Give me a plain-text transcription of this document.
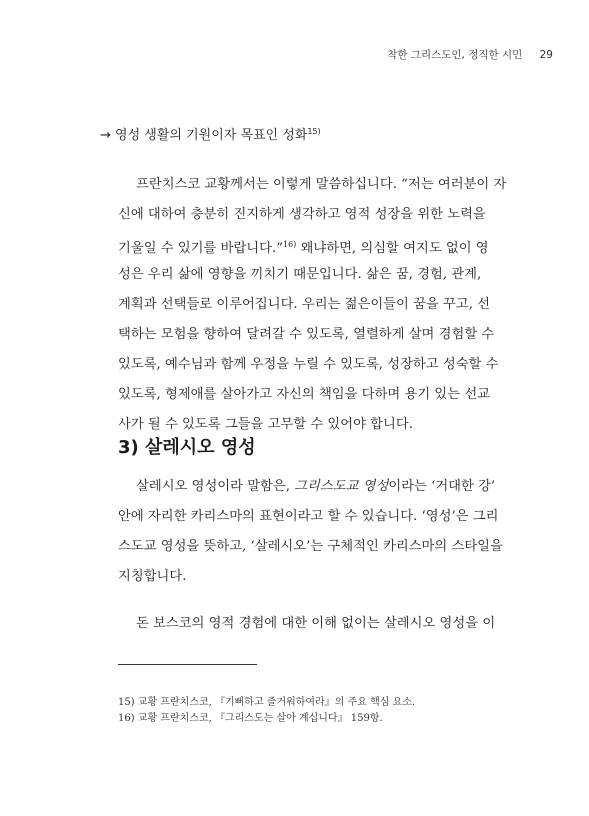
착한 그리스도인, 정직한 시민 29
→ 영성 생활의 기원이자 목표인 성화$^{15)}$
프란치스코 교황께서는 이렇게 말씀하십니다. “저는 여러분이 자
신에 대하여 충분히 진지하게 생각하고 영적 성장을 위한 노력을
기울일 수 있기를 바랍니다.”$^{16)}$ 왜냐하면, 의심할 여지도 없이 영
성은 우리 삶에 영향을 끼치기 때문입니다. 삶은 꿈, 경험, 관계,
계획과 선택들로 이루어집니다. 우리는 젊은이들이 꿈을 꾸고, 선
택하는 모험을 향하여 달려갈 수 있도록, 열렬하게 살며 경험할 수
있도록, 예수님과 함께 우정을 누릴 수 있도록, 성장하고 성숙할 수
있도록, 형제애를 살아가고 자신의 책임을 다하며 용기 있는 선교
사가 될 수 있도록 그들을 고무할 수 있어야 합니다.
3) 살레시오 영성
살레시오 영성이라 말함은, 그리스도교 영성이라는 ‘거대한 강’
안에 자리한 카리스마의 표현이라고 할 수 있습니다. ‘영성’은 그리
스도교 영성을 뜻하고, ‘살레시오’는 구체적인 카리스마의 스타일을
지칭합니다.
돈 보스코의 영적 경험에 대한 이해 없이는 살레시오 영성을 이
15) 교황 프란치스코, 『기뻐하고 즐거워하여라』의 주요 핵심 요소.
16) 교황 프란치스코, 『그리스도는 살아 계십니다』 159항.
